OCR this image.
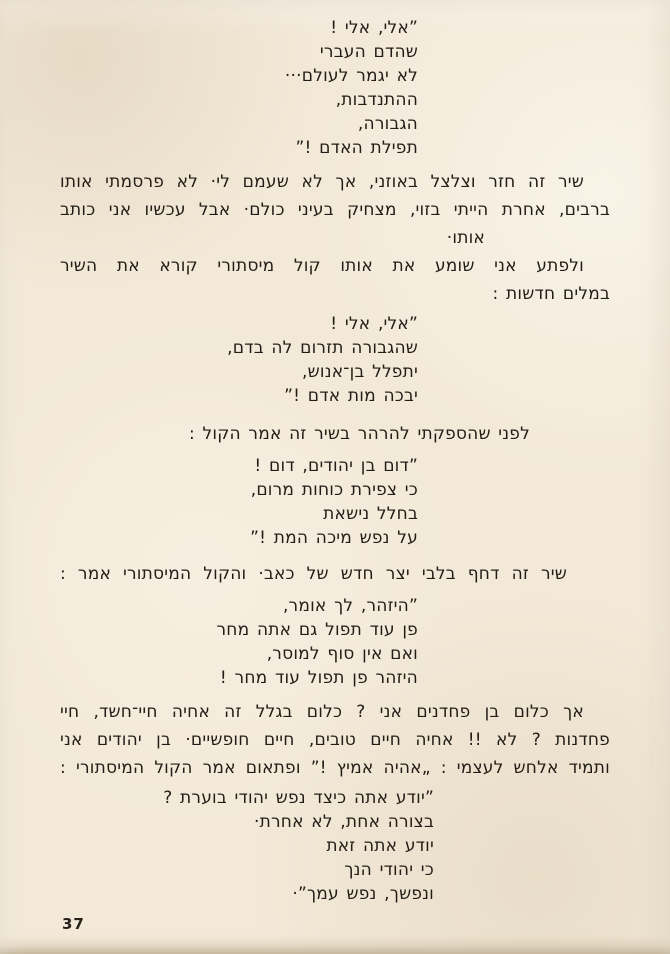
”אלי, אלי !
שהדם העברי
לא יגמר לעולם···
ההתנדבות,
הגבורה,
תפילת האדם !”
שיר זה חזר וצלצל באוזני, אך לא שעמם לי· לא פרסמתי אותו
ברבים, אחרת הייתי בזוי, מצחיק בעיני כולם· אבל עכשיו אני כותב
אותו·
ולפתע אני שומע את אותו קול מיסתורי קורא את השיר
במלים חדשות :
”אלי, אלי !
שהגבורה תזרום לה בדם,
יתפלל בן־אנוש,
יבכה מות אדם !”
לפני שהספקתי להרהר בשיר זה אמר הקול :
”דום בן יהודים, דום !
כי צפירת כוחות מרום,
בחלל נישאת
על נפש מיכה המת !”
שיר זה דחף בלבי יצר חדש של כאב· והקול המיסתורי אמר :
”היזהר, לך אומר,
פן עוד תפול גם אתה מחר
ואם אין סוף למוסר,
היזהר פן תפול עוד מחר !
אך כלום בן פחדנים אני ? כלום בגלל זה אחיה חיי־חשד, חיי
פחדנות ? לא !! אחיה חיים טובים, חיים חופשיים· בן יהודים אני
ותמיד אלחש לעצמי : „אהיה אמיץ !” ופתאום אמר הקול המיסתורי :
”יודע אתה כיצד נפש יהודי בוערת ?
בצורה אחת, לא אחרת·
יודע אתה זאת
כי יהודי הנך
ונפשך, נפש עמך”·
37
